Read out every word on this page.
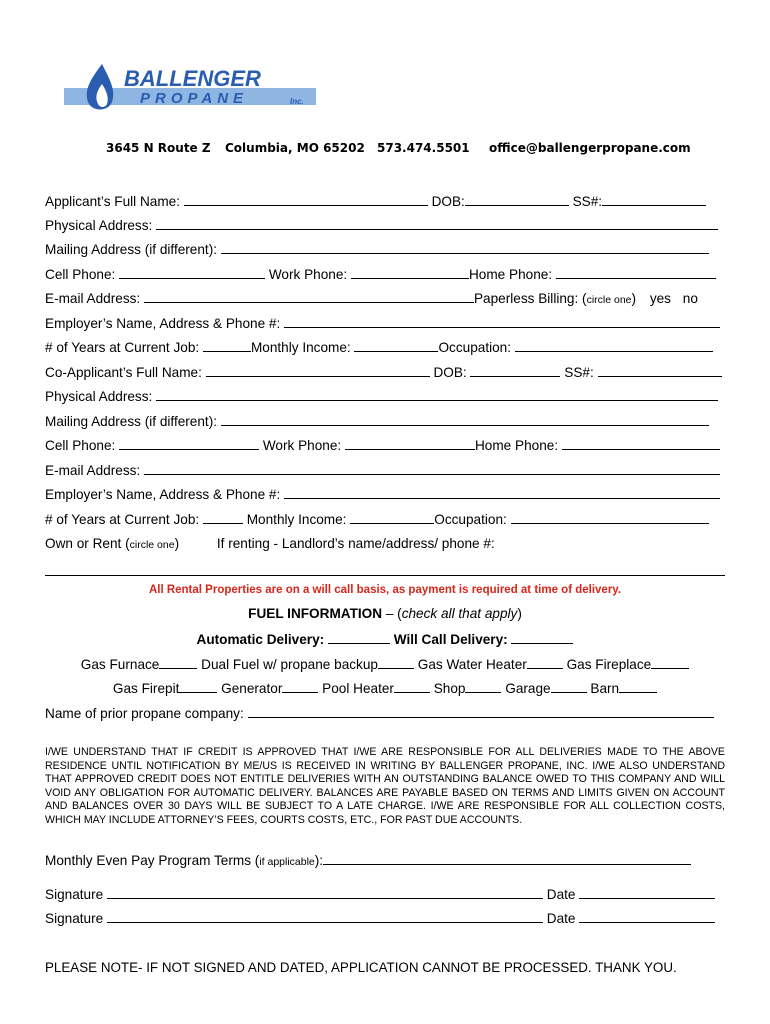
BALLENGER
PROPANE	Inc.
3645 N Route Z Columbia, MO 65202 573.474.5501 office@ballengerpropane.com
Applicant’s Full Name:	DOB:	SS#:
Physical Address:
Mailing Address (if different):
Cell Phone:	Work Phone:	Home Phone:
E-mail Address:	Paperless Billing: (circle one) yes no
Employer’s Name, Address & Phone #:
# of Years at Current Job:	Monthly Income:	Occupation:
Co-Applicant’s Full Name:	DOB:	SS#:
Physical Address:
Mailing Address (if different):
Cell Phone:	Work Phone:	Home Phone:
E-mail Address:
Employer’s Name, Address & Phone #:
# of Years at Current Job:	Monthly Income:	Occupation:
Own or Rent (circle one)	If renting - Landlord’s name/address/ phone #:
All Rental Properties are on a will call basis, as payment is required at time of delivery.
FUEL INFORMATION – (check all that apply)
Automatic Delivery:	Will Call Delivery:
Gas Furnace	Dual Fuel w/ propane backup	Gas Water Heater	Gas Fireplace
Gas Firepit	Generator	Pool Heater	Shop	Garage	Barn
Name of prior propane company:
I/WE UNDERSTAND THAT IF CREDIT IS APPROVED THAT I/WE ARE RESPONSIBLE FOR ALL DELIVERIES MADE TO THE ABOVE RESIDENCE UNTIL NOTIFICATION BY ME/US IS RECEIVED IN WRITING BY BALLENGER PROPANE, INC. I/WE ALSO UNDERSTAND THAT APPROVED CREDIT DOES NOT ENTITLE DELIVERIES WITH AN OUTSTANDING BALANCE OWED TO THIS COMPANY AND WILL VOID ANY OBLIGATION FOR AUTOMATIC DELIVERY. BALANCES ARE PAYABLE BASED ON TERMS AND LIMITS GIVEN ON ACCOUNT AND BALANCES OVER 30 DAYS WILL BE SUBJECT TO A LATE CHARGE. I/WE ARE RESPONSIBLE FOR ALL COLLECTION COSTS, WHICH MAY INCLUDE ATTORNEY’S FEES, COURTS COSTS, ETC., FOR PAST DUE ACCOUNTS.
Monthly Even Pay Program Terms (if applicable):
Signature	Date
Signature	Date
PLEASE NOTE- IF NOT SIGNED AND DATED, APPLICATION CANNOT BE PROCESSED. THANK YOU.
